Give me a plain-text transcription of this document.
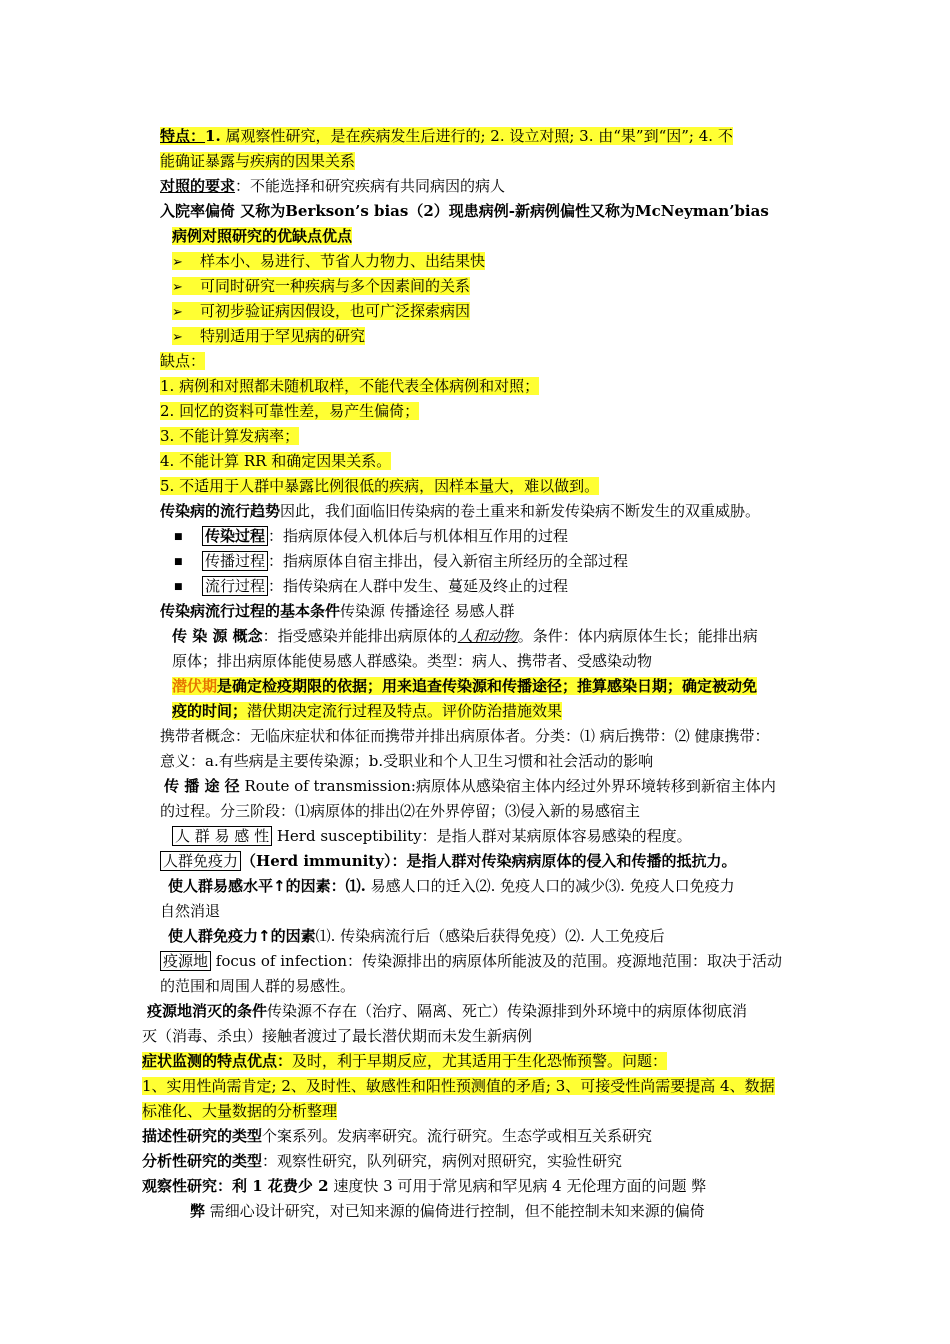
特点：1. 属观察性研究，是在疾病发生后进行的; 2. 设立对照; 3. 由“果”到“因”; 4. 不
能确证暴露与疾病的因果关系
对照的要求：不能选择和研究疾病有共同病因的病人
入院率偏倚 又称为Berkson’s bias（2）现患病例-新病例偏性又称为McNeyman’bias
病例对照研究的优缺点优点
➢ 样本小、易进行、节省人力物力、出结果快
➢ 可同时研究一种疾病与多个因素间的关系
➢ 可初步验证病因假设，也可广泛探索病因
➢ 特别适用于罕见病的研究
缺点：
1. 病例和对照都未随机取样，不能代表全体病例和对照；
2. 回忆的资料可靠性差，易产生偏倚；
3. 不能计算发病率；
4. 不能计算 RR 和确定因果关系。
5. 不适用于人群中暴露比例很低的疾病，因样本量大，难以做到。
传染病的流行趋势因此，我们面临旧传染病的卷土重来和新发传染病不断发生的双重威胁。
■ 传染过程 ：指病原体侵入机体后与机体相互作用的过程
■ 传播过程 ：指病原体自宿主排出，侵入新宿主所经历的全部过程
■ 流行过程 ：指传染病在人群中发生、蔓延及终止的过程
传染病流行过程的基本条件传染源 传播途径 易感人群
传 染 源 概念：指受感染并能排出病原体的人和动物。条件：体内病原体生长；能排出病
原体；排出病原体能使易感人群感染。类型：病人、携带者、受感染动物
潜伏期是确定检疫期限的依据；用来追查传染源和传播途径；推算感染日期；确定被动免
疫的时间；潜伏期决定流行过程及特点。评价防治措施效果
携带者概念：无临床症状和体征而携带并排出病原体者。分类：⑴ 病后携带：⑵ 健康携带：
意义：a.有些病是主要传染源；b.受职业和个人卫生习惯和社会活动的影响
传 播 途 径 Route of transmission:病原体从感染宿主体内经过外界环境转移到新宿主体内
的过程。分三阶段：⑴病原体的排出⑵在外界停留；⑶侵入新的易感宿主
人 群 易 感 性 Herd susceptibility：是指人群对某病原体容易感染的程度。
人群免疫力 （Herd immunity）：是指人群对传染病病原体的侵入和传播的抵抗力。
使人群易感水平↑的因素：⑴. 易感人口的迁入⑵. 免疫人口的减少⑶. 免疫人口免疫力
自然消退
使人群免疫力↑的因素⑴. 传染病流行后（感染后获得免疫）⑵. 人工免疫后
疫源地 focus of infection：传染源排出的病原体所能波及的范围。疫源地范围：取决于活动
的范围和周围人群的易感性。
疫源地消灭的条件传染源不存在（治疗、隔离、死亡）传染源排到外环境中的病原体彻底消
灭（消毒、杀虫）接触者渡过了最长潜伏期而未发生新病例
症状监测的特点优点：及时，利于早期反应，尤其适用于生化恐怖预警。问题：
1、实用性尚需肯定; 2、及时性、敏感性和阳性预测值的矛盾; 3、可接受性尚需要提高 4、数据
标准化、大量数据的分析整理
描述性研究的类型个案系列。发病率研究。流行研究。生态学或相互关系研究
分析性研究的类型：观察性研究，队列研究，病例对照研究，实验性研究
观察性研究：利 1 花费少 2 速度快 3 可用于常见病和罕见病 4 无伦理方面的问题 弊
弊 需细心设计研究，对已知来源的偏倚进行控制，但不能控制未知来源的偏倚
